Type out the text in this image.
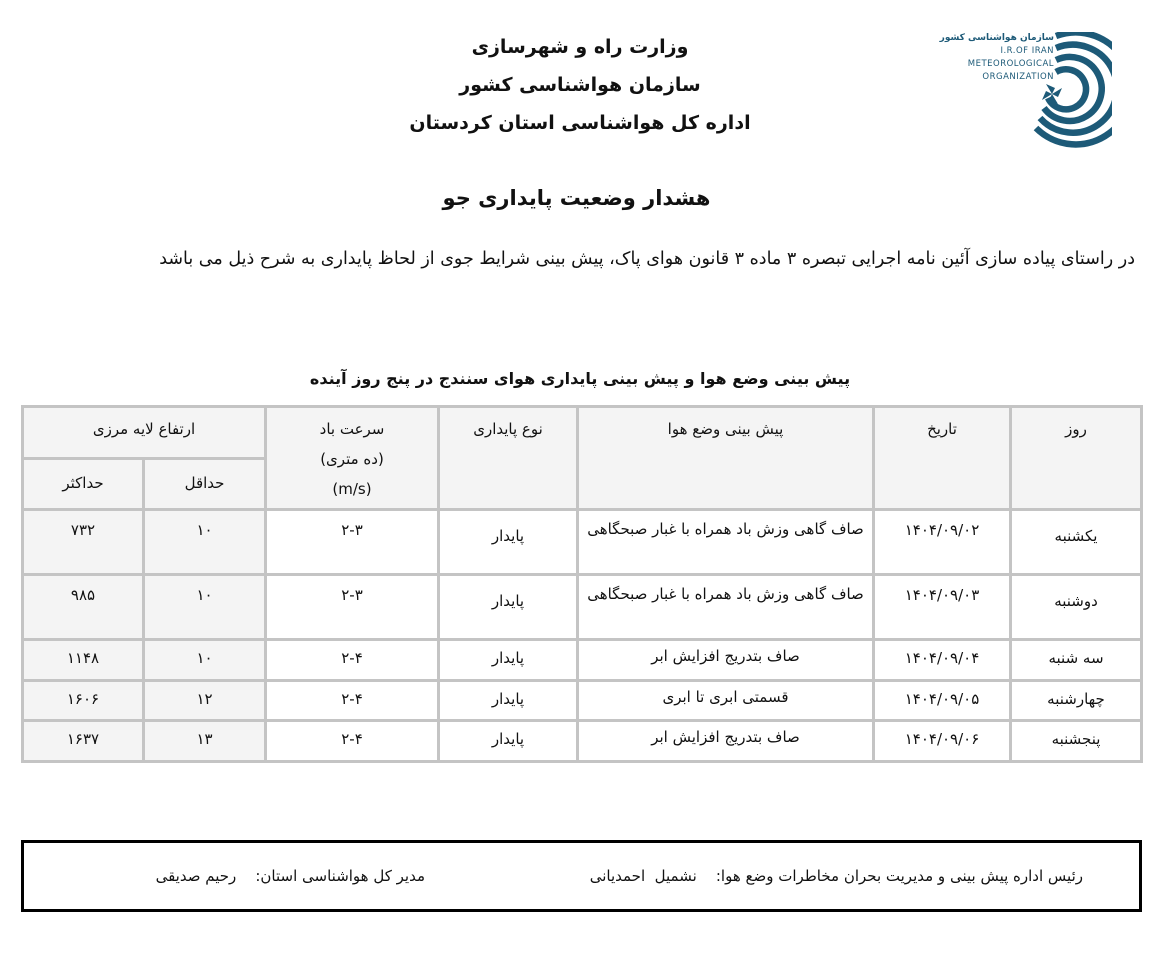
سازمان هواشناسی کشور
I.R.OF IRAN
METEOROLOGICAL
ORGANIZATION
وزارت راه و شهرسازی
سازمان هواشناسی کشور
اداره کل هواشناسی استان کردستان
هشدار وضعیت پایداری جو
در راستای پیاده سازی آئین نامه اجرایی تبصره ۳ ماده ۳ قانون هوای پاک، پیش بینی شرایط جوی از لحاظ پایداری به شرح ذیل می باشد
پیش بینی وضع هوا و پیش بینی پایداری هوای سنندج در پنج روز آینده
روز	تاریخ	پیش بینی وضع هوا	نوع پایداری	سرعت باد
(ده متری)
(m/s)	ارتفاع لایه مرزی	
					حداقل	حداکثر
یکشنبه	۱۴۰۴/۰۹/۰۲	صاف گاهی وزش باد همراه با غبار صبحگاهی	پایدار	۲-۳	۱۰	۷۳۲
دوشنبه	۱۴۰۴/۰۹/۰۳	صاف گاهی وزش باد همراه با غبار صبحگاهی	پایدار	۲-۳	۱۰	۹۸۵
سه شنبه	۱۴۰۴/۰۹/۰۴	صاف بتدریج افزایش ابر	پایدار	۲-۴	۱۰	۱۱۴۸
چهارشنبه	۱۴۰۴/۰۹/۰۵	قسمتی ابری تا ابری	پایدار	۲-۴	۱۲	۱۶۰۶
پنجشنبه	۱۴۰۴/۰۹/۰۶	صاف بتدریج افزایش ابر	پایدار	۲-۴	۱۳	۱۶۳۷
رئیس اداره پیش بینی و مدیریت بحران مخاطرات وضع هوا:    نشمیل  احمدیانی
مدیر کل هواشناسی استان:    رحیم صدیقی
